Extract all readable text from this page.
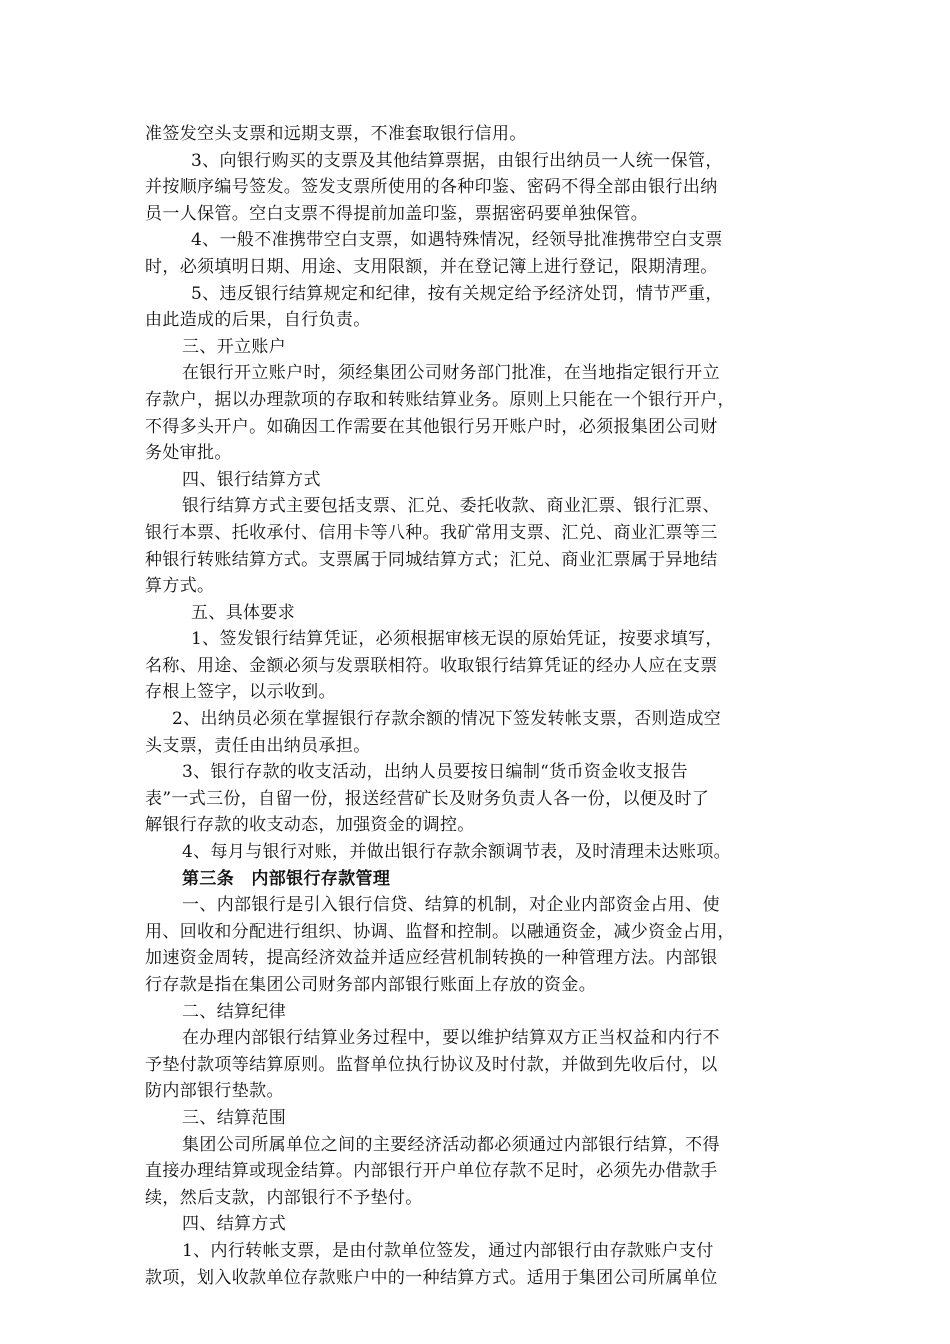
准签发空头支票和远期支票，不准套取银行信用。
3、向银行购买的支票及其他结算票据，由银行出纳员一人统一保管，
并按顺序编号签发。签发支票所使用的各种印鉴、密码不得全部由银行出纳
员一人保管。空白支票不得提前加盖印鉴，票据密码要单独保管。
4、一般不准携带空白支票，如遇特殊情况，经领导批准携带空白支票
时，必须填明日期、用途、支用限额，并在登记簿上进行登记，限期清理。
5、违反银行结算规定和纪律，按有关规定给予经济处罚，情节严重，
由此造成的后果，自行负责。
三、开立账户
在银行开立账户时，须经集团公司财务部门批准，在当地指定银行开立
存款户，据以办理款项的存取和转账结算业务。原则上只能在一个银行开户，
不得多头开户。如确因工作需要在其他银行另开账户时，必须报集团公司财
务处审批。
四、银行结算方式
银行结算方式主要包括支票、汇兑、委托收款、商业汇票、银行汇票、
银行本票、托收承付、信用卡等八种。我矿常用支票、汇兑、商业汇票等三
种银行转账结算方式。支票属于同城结算方式；汇兑、商业汇票属于异地结
算方式。
五、具体要求
1、签发银行结算凭证，必须根据审核无误的原始凭证，按要求填写，
名称、用途、金额必须与发票联相符。收取银行结算凭证的经办人应在支票
存根上签字，以示收到。
2、出纳员必须在掌握银行存款余额的情况下签发转帐支票，否则造成空
头支票，责任由出纳员承担。
3、银行存款的收支活动，出纳人员要按日编制“货币资金收支报告
表”一式三份，自留一份，报送经营矿长及财务负责人各一份，以便及时了
解银行存款的收支动态，加强资金的调控。
4、每月与银行对账，并做出银行存款余额调节表，及时清理未达账项。
第三条　内部银行存款管理
一、内部银行是引入银行信贷、结算的机制，对企业内部资金占用、使
用、回收和分配进行组织、协调、监督和控制。以融通资金，减少资金占用，
加速资金周转，提高经济效益并适应经营机制转换的一种管理方法。内部银
行存款是指在集团公司财务部内部银行账面上存放的资金。
二、结算纪律
在办理内部银行结算业务过程中，要以维护结算双方正当权益和内行不
予垫付款项等结算原则。监督单位执行协议及时付款，并做到先收后付，以
防内部银行垫款。
三、结算范围
集团公司所属单位之间的主要经济活动都必须通过内部银行结算，不得
直接办理结算或现金结算。内部银行开户单位存款不足时，必须先办借款手
续，然后支款，内部银行不予垫付。
四、结算方式
1、内行转帐支票，是由付款单位签发，通过内部银行由存款账户支付
款项，划入收款单位存款账户中的一种结算方式。适用于集团公司所属单位
